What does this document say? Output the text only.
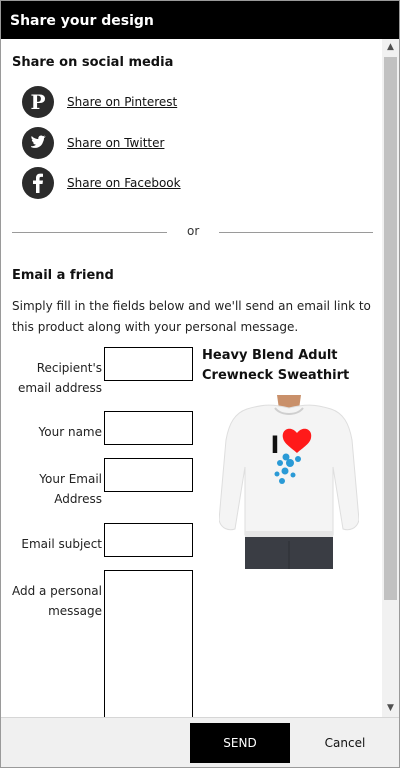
Share your design
Share on social media
P Share on Pinterest
Share on Twitter
Share on Facebook
or
Email a friend
Simply fill in the fields below and we'll send an email link to this product along with your personal message.
Recipient's email address
Your name
Your Email Address
Email subject
Add a personal message
Heavy Blend Adult Crewneck Sweathirt
I
▲
▼
SEND	Cancel
